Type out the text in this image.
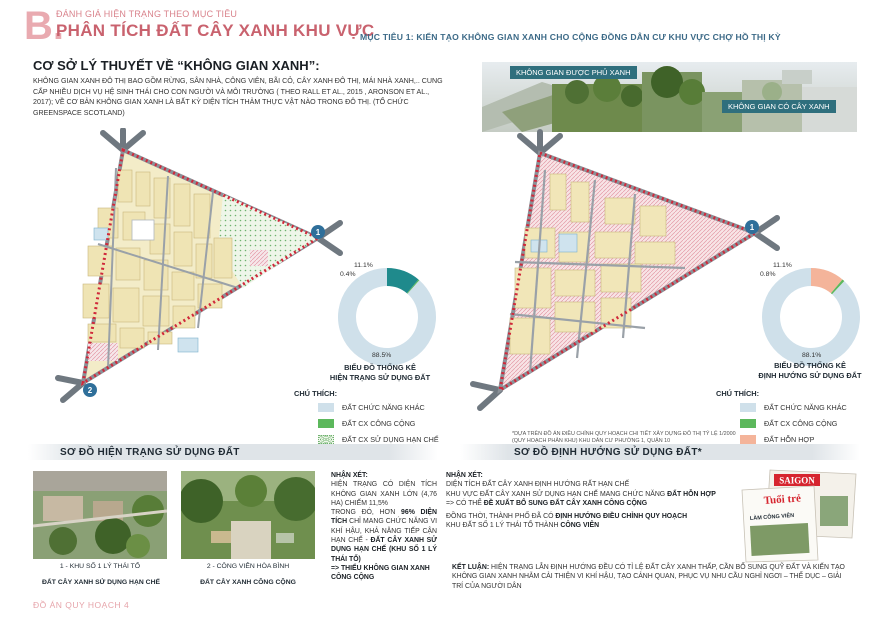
B.
ĐÁNH GIÁ HIỆN TRẠNG THEO MỤC TIÊU
PHÂN TÍCH ĐẤT CÂY XANH KHU VỰC
MỤC TIÊU 1: KIẾN TẠO KHÔNG GIAN XANH CHO CỘNG ĐỒNG DÂN CƯ KHU VỰC CHỢ HỒ THỊ KỲ
CƠ SỞ LÝ THUYẾT VỀ “KHÔNG GIAN XANH”:
KHÔNG GIAN XANH ĐÔ THỊ BAO GỒM RỪNG, SÂN NHÀ, CÔNG VIÊN, BÃI CỎ, CÂY XANH ĐÔ THỊ, MÁI NHÀ XANH,.. CUNG CẤP NHIỀU DỊCH VỤ HỆ SINH THÁI CHO CON NGƯỜI VÀ MÔI TRƯỜNG ( THEO RALL ET AL., 2015 , ARONSON ET AL., 2017); VỀ CƠ BẢN KHÔNG GIAN XANH LÀ BẤT KỲ DIỆN TÍCH THẢM THỰC VẬT NÀO TRONG ĐÔ THỊ. (TỔ CHỨC GREENSPACE SCOTLAND)
KHÔNG GIAN ĐƯỢC PHỦ XANH
KHÔNG GIAN CÓ CÂY XANH
1
2
11.1%
0.4%
88.5%
BIỂU ĐỒ THỐNG KÊ
HIỆN TRẠNG SỬ DỤNG ĐẤT
CHÚ THÍCH:
ĐẤT CHỨC NĂNG KHÁC
ĐẤT CX CÔNG CỘNG
ĐẤT CX SỬ DỤNG HẠN CHẾ
1
11.1%
0.8%
88.1%
BIỂU ĐỒ THỐNG KÊ
ĐỊNH HƯỚNG SỬ DỤNG ĐẤT
CHÚ THÍCH:
ĐẤT CHỨC NĂNG KHÁC
ĐẤT CX CÔNG CỘNG
ĐẤT HỖN HỢP
*DỰA TRÊN ĐỒ ÁN ĐIỀU CHỈNH QUY HOẠCH CHI TIẾT XÂY DỰNG ĐÔ THỊ TỶ LỆ 1/2000 (QUY HOẠCH PHÂN KHU) KHU DÂN CƯ PHƯỜNG 1, QUẬN 10
SƠ ĐỒ HIỆN TRẠNG SỬ DỤNG ĐẤT	SƠ ĐỒ ĐỊNH HƯỚNG SỬ DỤNG ĐẤT*
1 - KHU SỐ 1 LÝ THÁI TỔ
ĐẤT CÂY XANH SỬ DỤNG HẠN CHẾ
2 - CÔNG VIÊN HÒA BÌNH
ĐẤT CÂY XANH CÔNG CỘNG
NHẬN XÉT:
HIỆN TRẠNG CÓ DIỆN TÍCH KHÔNG GIAN XANH LỚN (4,76 HA) CHIẾM 11,5%
TRONG ĐÓ, HƠN 96% DIỆN TÍCH CHỈ MANG CHỨC NĂNG VI KHÍ HẬU, KHẢ NĂNG TIẾP CẬN HẠN CHẾ - ĐẤT CÂY XANH SỬ DỤNG HẠN CHẾ (KHU SỐ 1 LÝ THÁI TỔ)
=> THIẾU KHÔNG GIAN XANH CÔNG CỘNG
NHẬN XÉT:
DIỆN TÍCH ĐẤT CÂY XANH ĐỊNH HƯỚNG RẤT HẠN CHẾ
KHU VỰC ĐẤT CÂY XANH SỬ DỤNG HẠN CHẾ MANG CHỨC NĂNG ĐẤT HỖN HỢP
=> CÓ THỂ ĐỀ XUẤT BỔ SUNG ĐẤT CÂY XANH CÔNG CỘNG
ĐỒNG THỜI, THÀNH PHỐ ĐÃ CÓ ĐỊNH HƯỚNG ĐIỀU CHỈNH QUY HOẠCH
KHU ĐẤT SỐ 1 LÝ THÁI TỔ THÀNH CÔNG VIÊN
KẾT LUẬN: HIỆN TRẠNG LẪN ĐỊNH HƯỚNG ĐỀU CÓ TỈ LỆ ĐẤT CÂY XANH THẤP, CẦN BỔ SUNG QUỸ ĐẤT VÀ KIẾN TẠO KHÔNG GIAN XANH NHẰM CẢI THIỆN VI KHÍ HẬU, TẠO CẢNH QUAN, PHỤC VỤ NHU CẦU NGHỈ NGƠI – THỂ DỤC – GIẢI TRÍ CỦA NGƯỜI DÂN
SAIGON
Tuổi trẻ
LÀM CÔNG VIÊN
ĐỒ ÁN QUY HOẠCH 4
